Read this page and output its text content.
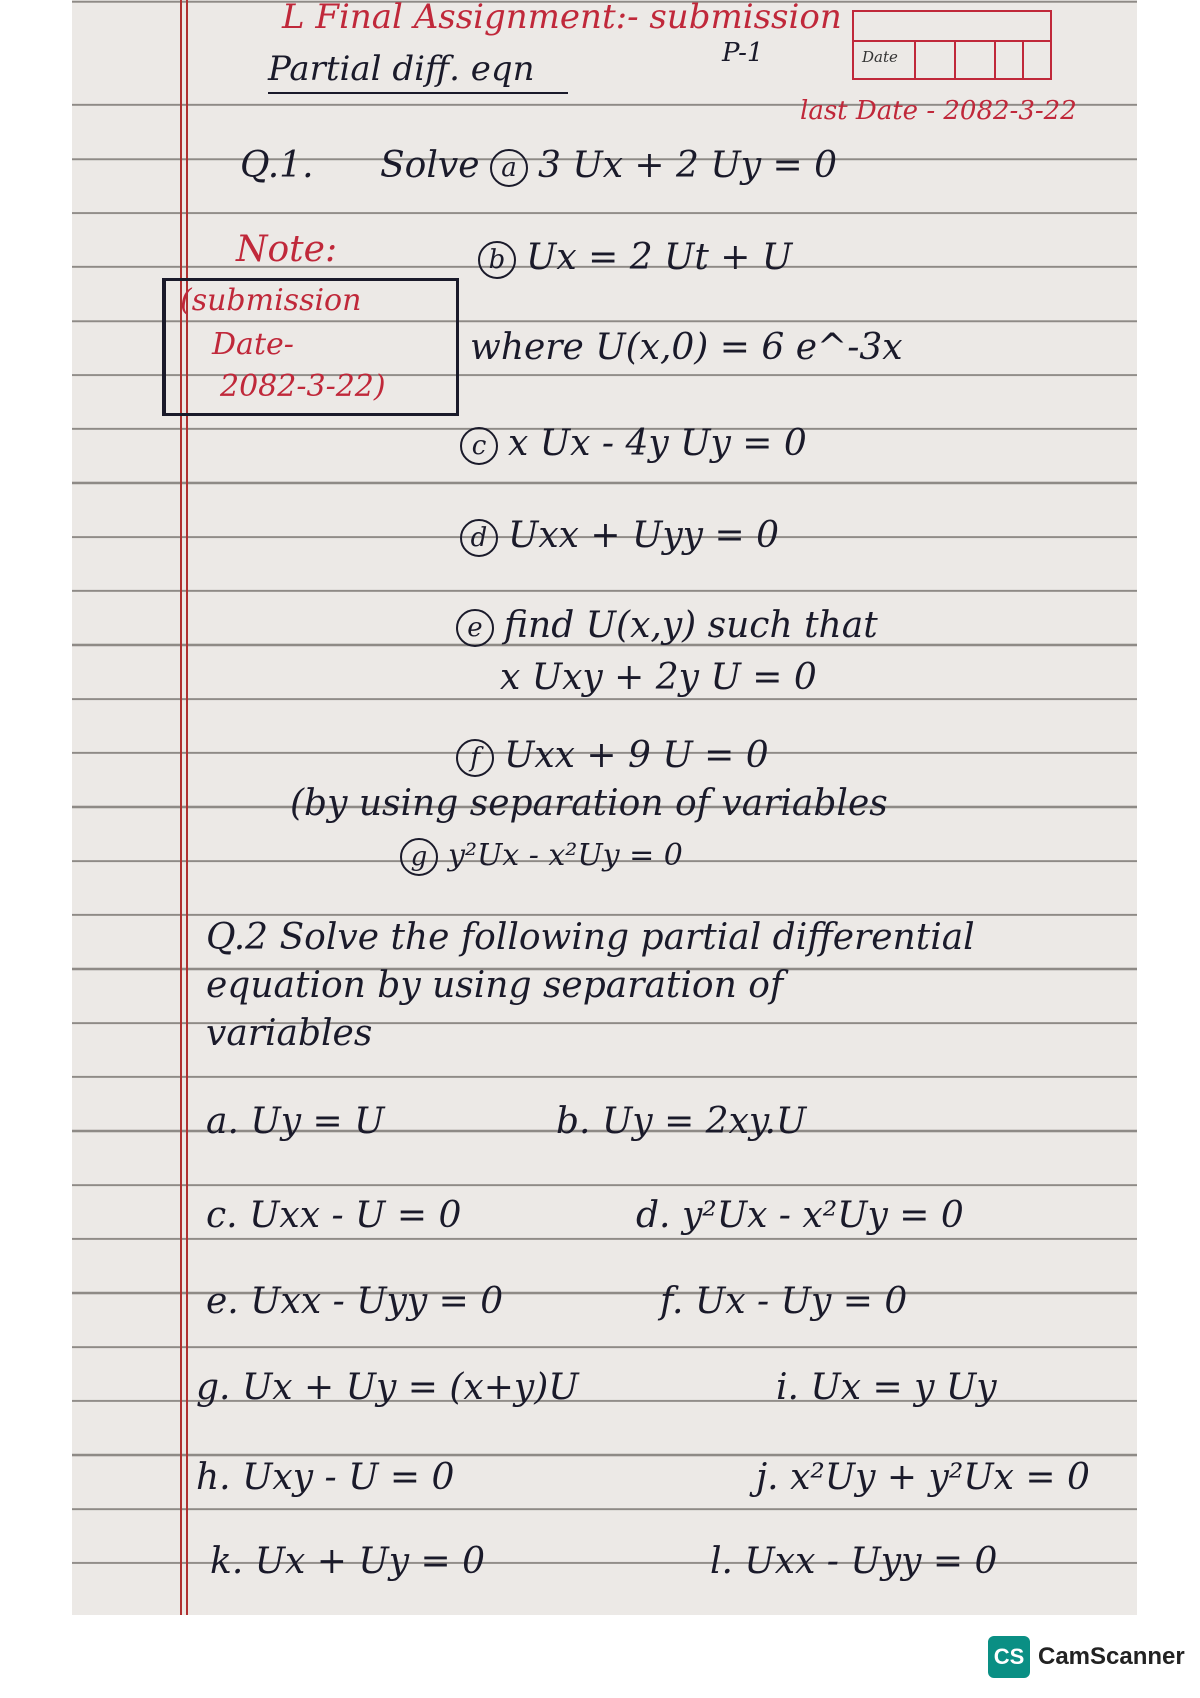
L Final Assignment:- submission
Partial diff. eqn	P-1	Date
last Date - 2082-3-22
Q.1. Solve a 3 Ux + 2 Uy = 0
Note:
(submission
Date-
2082-3-22)
b Ux = 2 Ut + U
where U(x,0) = 6 e^-3x
c x Ux - 4y Uy = 0
d Uxx + Uyy = 0
e find U(x,y) such that
x Uxy + 2y U = 0
f Uxx + 9 U = 0
(by using separation of variables
g y²Ux - x²Uy = 0
Q.2 Solve the following partial differential
equation by using separation of
variables
a. Uy = U	b. Uy = 2xy.U
c. Uxx - U = 0	d. y²Ux - x²Uy = 0
e. Uxx - Uyy = 0	f. Ux - Uy = 0
g. Ux + Uy = (x+y)U	i. Ux = y Uy
h. Uxy - U = 0	j. x²Uy + y²Ux = 0
k. Ux + Uy = 0	l. Uxx - Uyy = 0
CS CamScanner
